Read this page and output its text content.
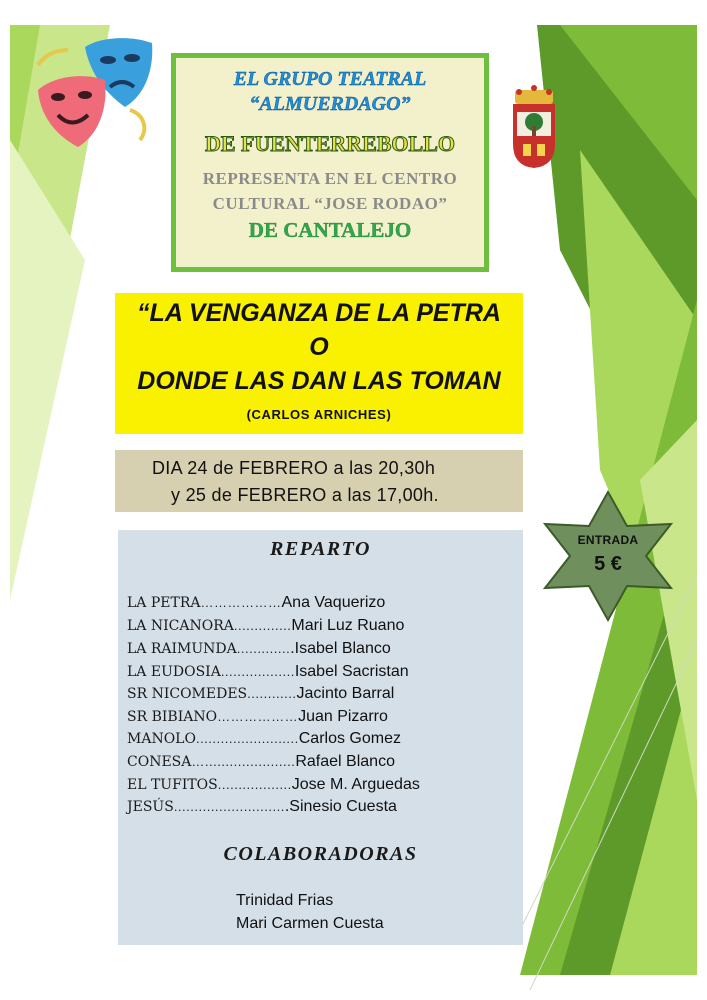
EL GRUPO TEATRAL
“ALMUERDAGO”
DE FUENTERREBOLLO
REPRESENTA EN EL CENTRO
CULTURAL “JOSE RODAO”
DE CANTALEJO
“LA VENGANZA DE LA PETRA
O
DONDE LAS DAN LAS TOMAN
(CARLOS ARNICHES)
DIA 24 de FEBRERO a las 20,30h
y 25 de FEBRERO a las 17,00h.
ENTRADA
5 €
REPARTO
LA PETRA………………Ana Vaquerizo
LA NICANORA..............Mari Luz Ruano
LA RAIMUNDA..............Isabel Blanco
LA EUDOSIA..................Isabel Sacristan
SR NICOMEDES............Jacinto Barral
SR BIBIANO………………Juan Pizarro
MANOLO.........................Carlos Gomez
CONESA…......................Rafael Blanco
EL TUFITOS..................Jose M. Arguedas
JESÚS............................Sinesio Cuesta
COLABORADORAS
Trinidad Frias
Mari Carmen Cuesta
